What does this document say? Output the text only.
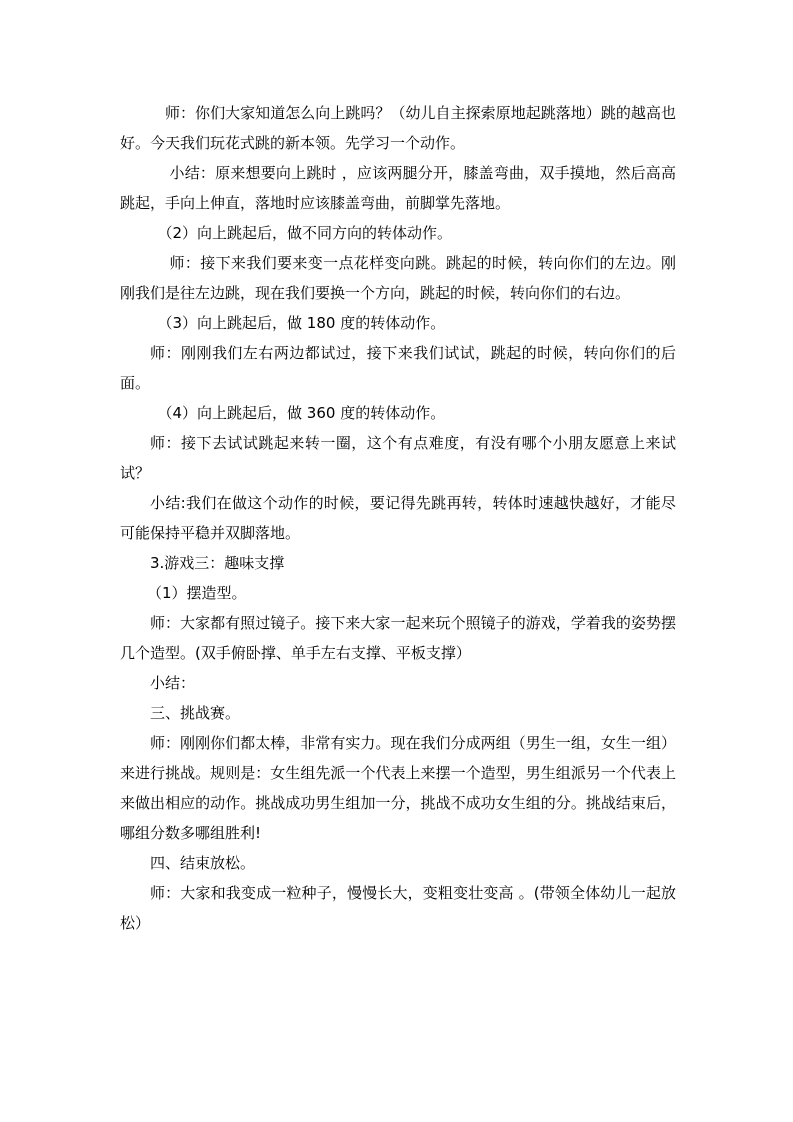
师：你们大家知道怎么向上跳吗？（幼儿自主探索原地起跳落地）跳的越高也好。今天我们玩花式跳的新本领。先学习一个动作。

小结：原来想要向上跳时 ，应该两腿分开，膝盖弯曲，双手摸地，然后高高跳起，手向上伸直，落地时应该膝盖弯曲，前脚掌先落地。

（2）向上跳起后，做不同方向的转体动作。

师：接下来我们要来变一点花样变向跳。跳起的时候，转向你们的左边。刚刚我们是往左边跳，现在我们要换一个方向，跳起的时候，转向你们的右边。

（3）向上跳起后，做 180 度的转体动作。

师：刚刚我们左右两边都试过，接下来我们试试，跳起的时候，转向你们的后面。

（4）向上跳起后，做 360 度的转体动作。

师：接下去试试跳起来转一圈，这个有点难度，有没有哪个小朋友愿意上来试试？

小结:我们在做这个动作的时候，要记得先跳再转，转体时速越快越好，才能尽可能保持平稳并双脚落地。

3.游戏三：趣味支撑

（1）摆造型。

师：大家都有照过镜子。接下来大家一起来玩个照镜子的游戏，学着我的姿势摆几个造型。(双手俯卧撑、单手左右支撑、平板支撑）

小结：

三、挑战赛。

师：刚刚你们都太棒，非常有实力。现在我们分成两组（男生一组，女生一组）来进行挑战。规则是：女生组先派一个代表上来摆一个造型，男生组派另一个代表上来做出相应的动作。挑战成功男生组加一分，挑战不成功女生组的分。挑战结束后，哪组分数多哪组胜利!

四、结束放松。

师：大家和我变成一粒种子，慢慢长大，变粗变壮变高 。(带领全体幼儿一起放松）
